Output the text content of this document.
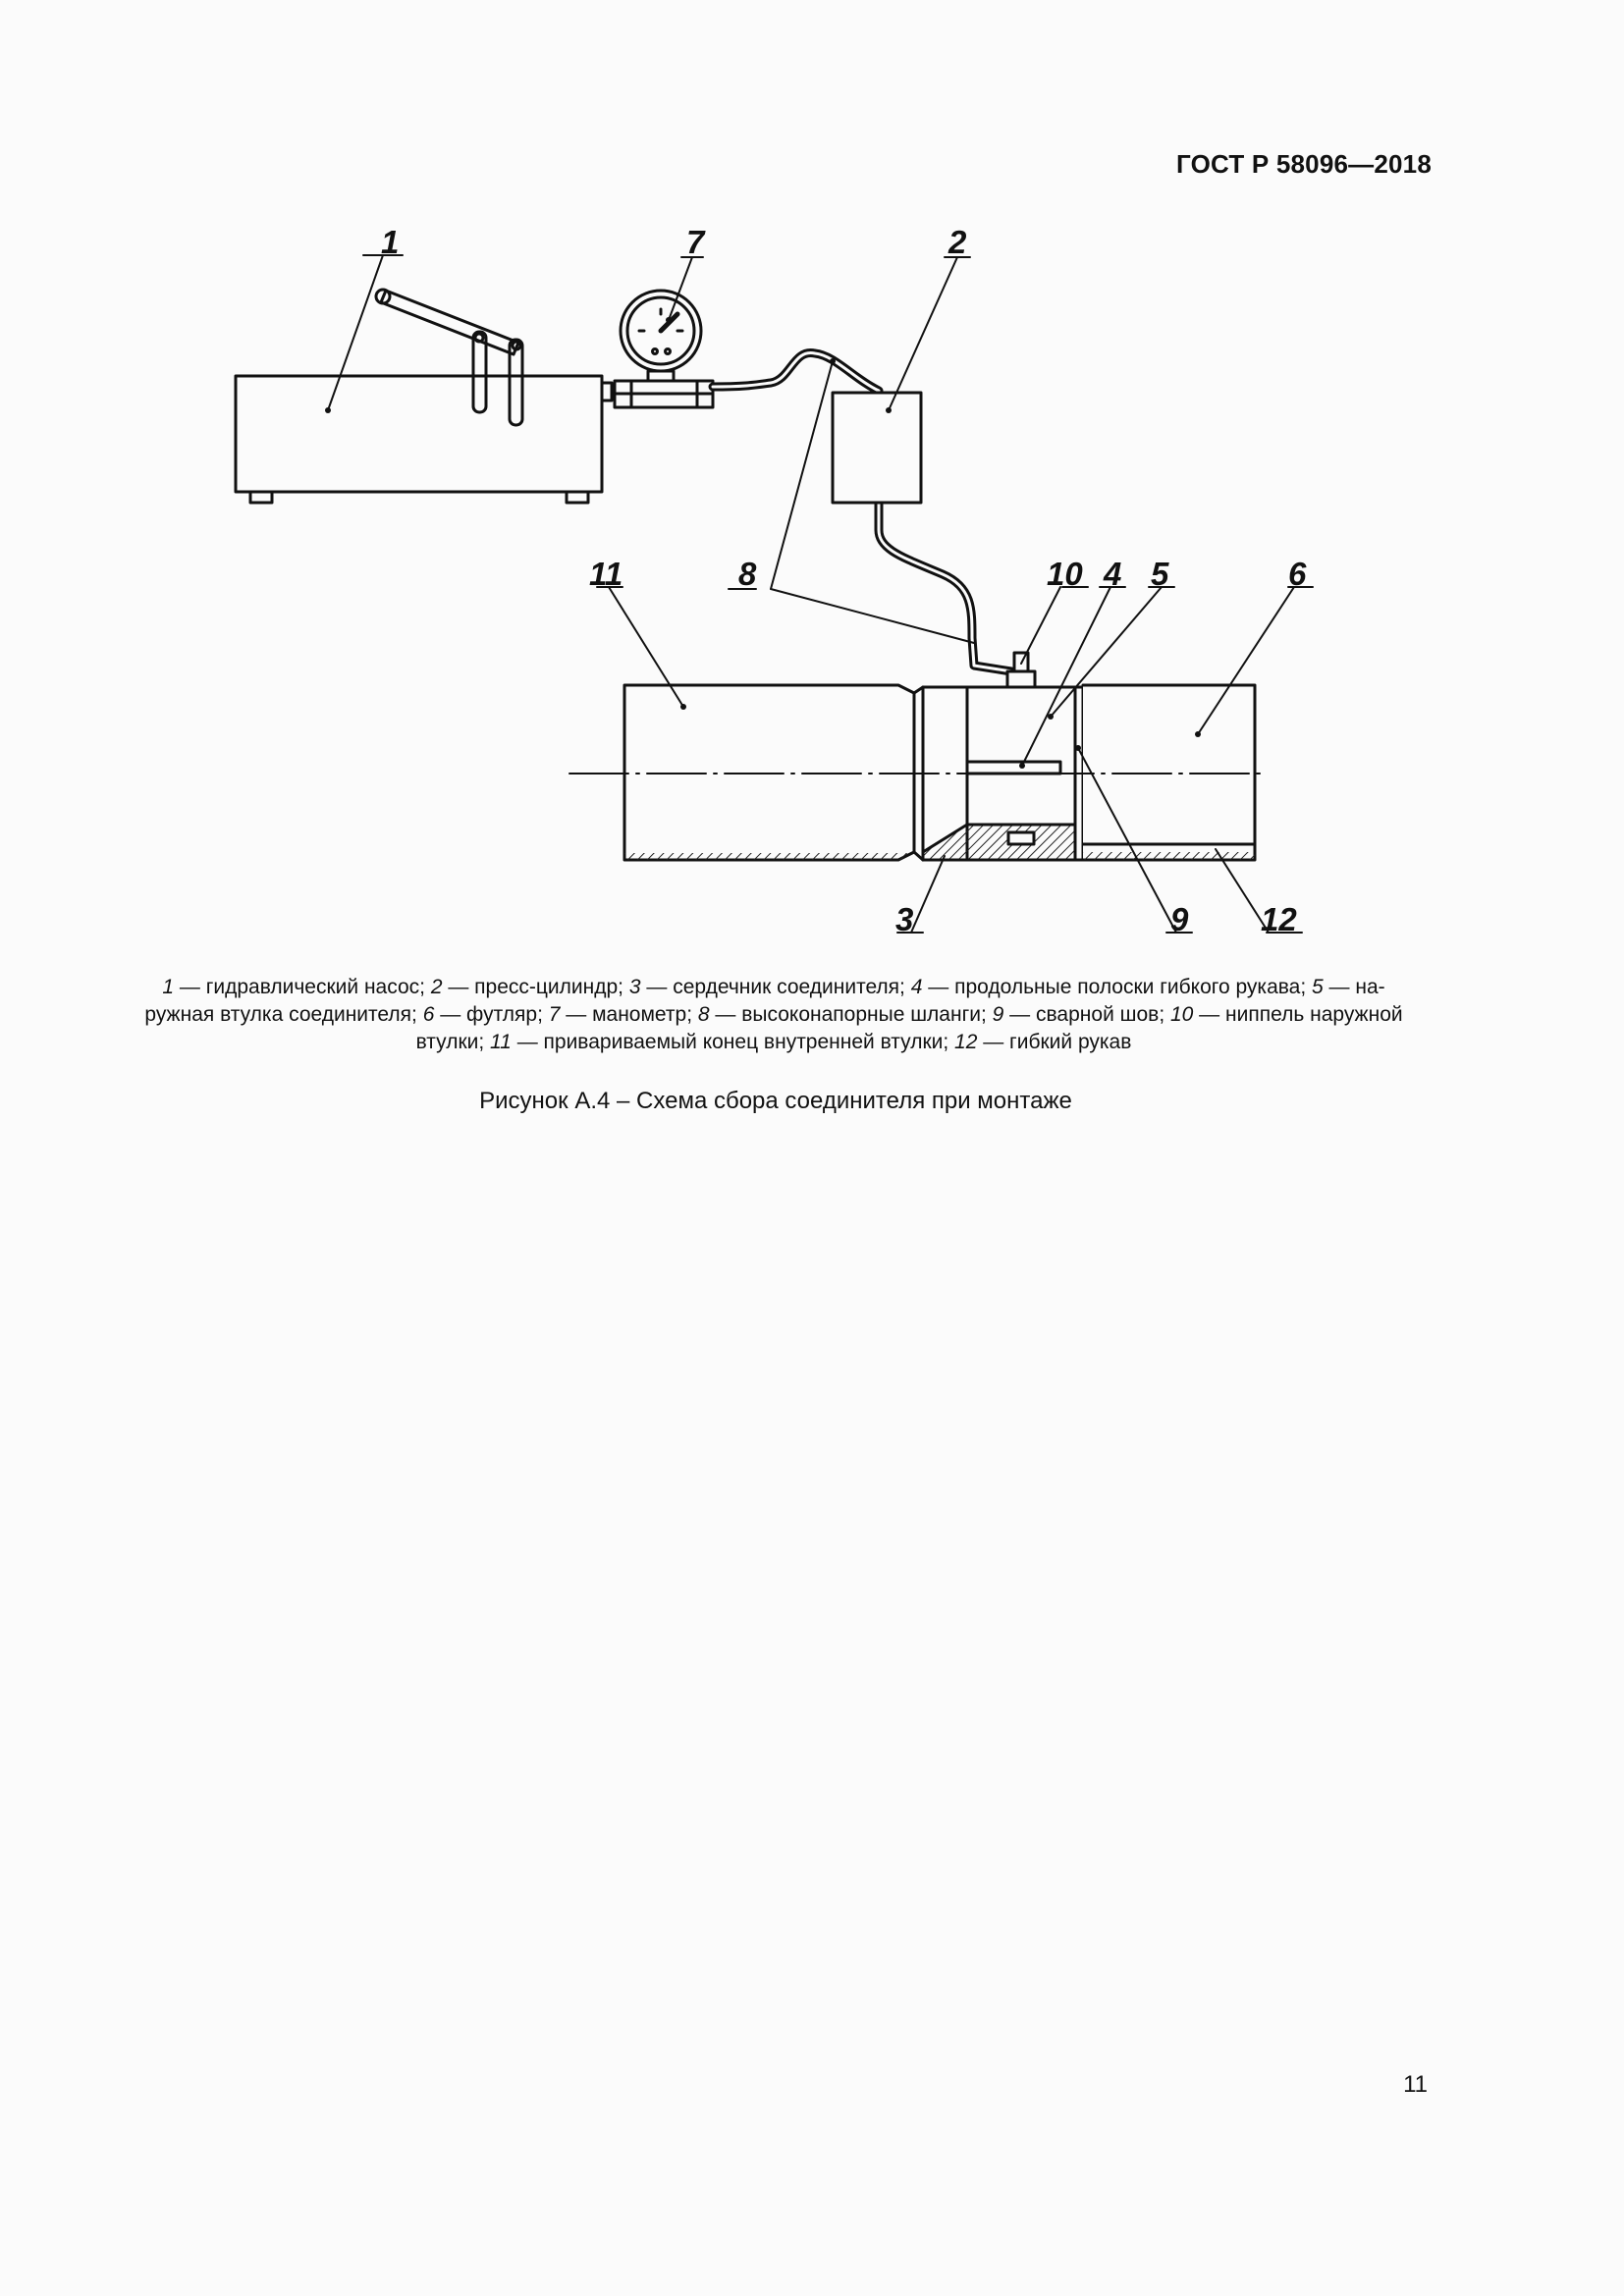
ГОСТ Р 58096—2018
1	7	2
11	8	10 4 5	6
3	9 12
1 — гидравлический насос; 2 — пресс-цилиндр; 3 — сердечник соединителя; 4 — продольные полоски гибкого рукава; 5 — на-
ружная втулка соединителя; 6 — футляр; 7 — манометр; 8 — высоконапорные шланги; 9 — сварной шов; 10 — ниппель наружной
втулки; 11 — привариваемый конец внутренней втулки; 12 — гибкий рукав
Рисунок А.4 – Схема сбора соединителя при монтаже
11
